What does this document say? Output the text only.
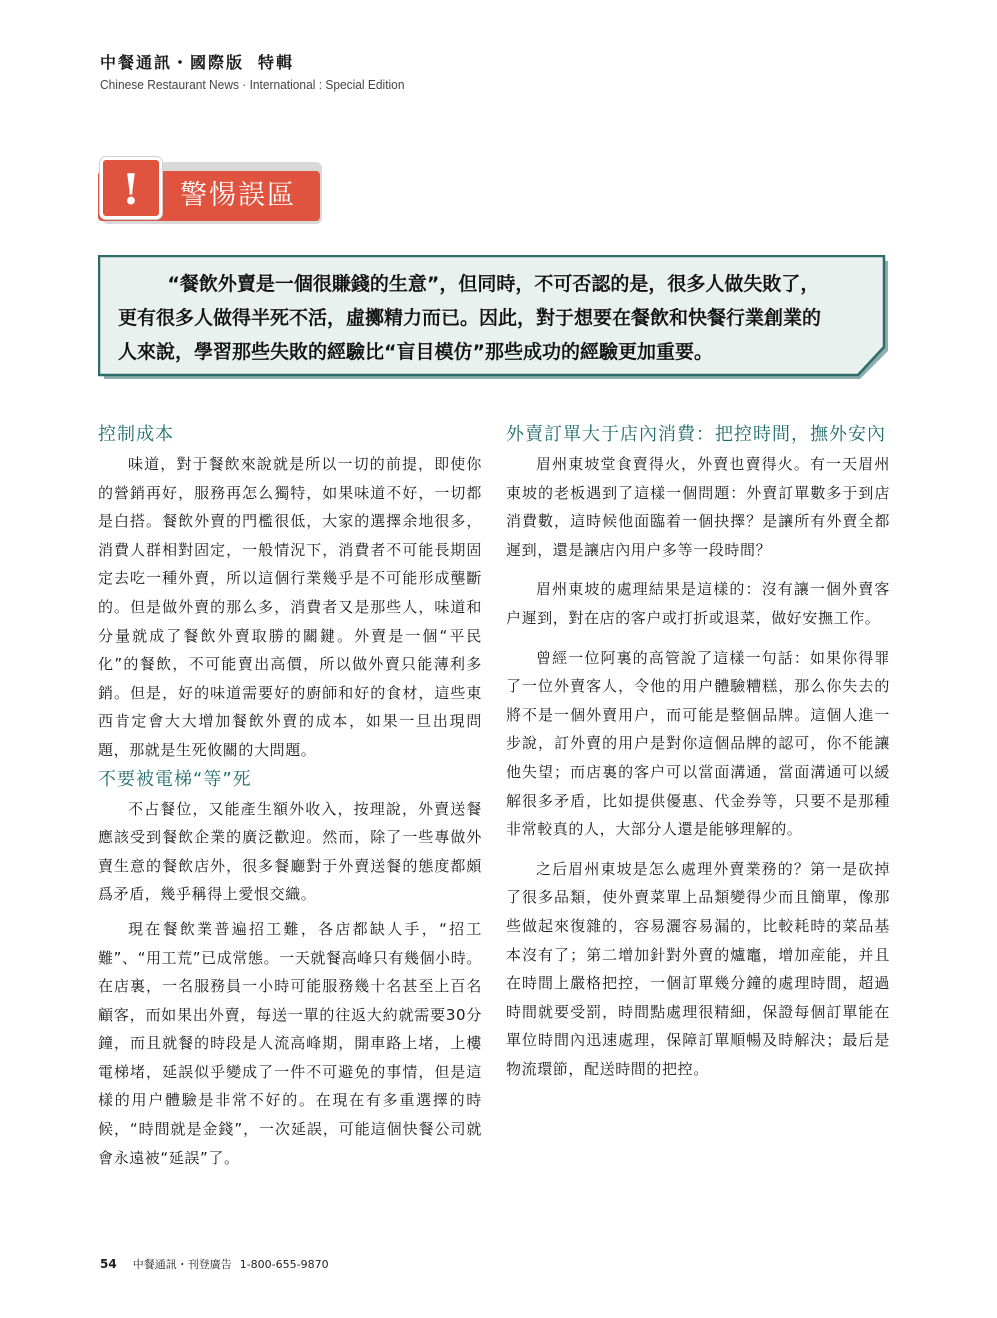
中餐通訊・國際版 特輯
Chinese Restaurant News · International : Special Edition
!	警惕誤區

“餐飲外賣是一個很賺錢的生意”，但同時，不可否認的是，很多人做失敗了，

更有很多人做得半死不活，虛擲精力而已。因此，對于想要在餐飲和快餐行業創業的

人來說，學習那些失敗的經驗比“盲目模仿”那些成功的經驗更加重要。

控制成本

味道，對于餐飲來說就是所以一切的前提，即使你的營銷再好，服務再怎么獨特，如果味道不好，一切都是白搭。餐飲外賣的門檻很低，大家的選擇余地很多，消費人群相對固定，一般情況下，消費者不可能長期固定去吃一種外賣，所以這個行業幾乎是不可能形成壟斷的。但是做外賣的那么多，消費者又是那些人，味道和分量就成了餐飲外賣取勝的關鍵。外賣是一個“平民化”的餐飲，不可能賣出高價，所以做外賣只能薄利多銷。但是，好的味道需要好的廚師和好的食材，這些東西肯定會大大增加餐飲外賣的成本，如果一旦出現問題，那就是生死攸關的大問題。

不要被電梯“等”死

不占餐位，又能產生額外收入，按理說，外賣送餐應該受到餐飲企業的廣泛歡迎。然而，除了一些專做外賣生意的餐飲店外，很多餐廳對于外賣送餐的態度都頗爲矛盾，幾乎稱得上愛恨交織。

現在餐飲業普遍招工難，各店都缺人手，“招工難”、“用工荒”已成常態。一天就餐高峰只有幾個小時。在店裏，一名服務員一小時可能服務幾十名甚至上百名顧客，而如果出外賣，每送一單的往返大約就需要30分鐘，而且就餐的時段是人流高峰期，開車路上堵，上樓電梯堵，延誤似乎變成了一件不可避免的事情，但是這樣的用户體驗是非常不好的。在現在有多重選擇的時候，“時間就是金錢”，一次延誤，可能這個快餐公司就會永遠被“延誤”了。

外賣訂單大于店內消費：把控時間，撫外安內

眉州東坡堂食賣得火，外賣也賣得火。有一天眉州東坡的老板遇到了這樣一個問題：外賣訂單數多于到店消費數，這時候他面臨着一個抉擇？是讓所有外賣全都遲到，還是讓店內用户多等一段時間？

眉州東坡的處理結果是這樣的：沒有讓一個外賣客户遲到，對在店的客户或打折或退菜，做好安撫工作。

曾經一位阿裏的高管說了這樣一句話：如果你得罪了一位外賣客人，令他的用户體驗糟糕，那么你失去的將不是一個外賣用户，而可能是整個品牌。這個人進一步說，訂外賣的用户是對你這個品牌的認可，你不能讓他失望；而店裏的客户可以當面溝通，當面溝通可以緩解很多矛盾，比如提供優惠、代金券等，只要不是那種非常較真的人，大部分人還是能够理解的。

之后眉州東坡是怎么處理外賣業務的？第一是砍掉了很多品類，使外賣菜單上品類變得少而且簡單，像那些做起來復雜的，容易灑容易漏的，比較耗時的菜品基本沒有了；第二增加針對外賣的爐竈，增加産能，并且在時間上嚴格把控，一個訂單幾分鐘的處理時間，超過時間就要受罰，時間點處理很精細，保證每個訂單能在單位時間內迅速處理，保障訂單順暢及時解決；最后是物流環節，配送時間的把控。

54 中餐通訊・刊登廣告 1-800-655-9870
